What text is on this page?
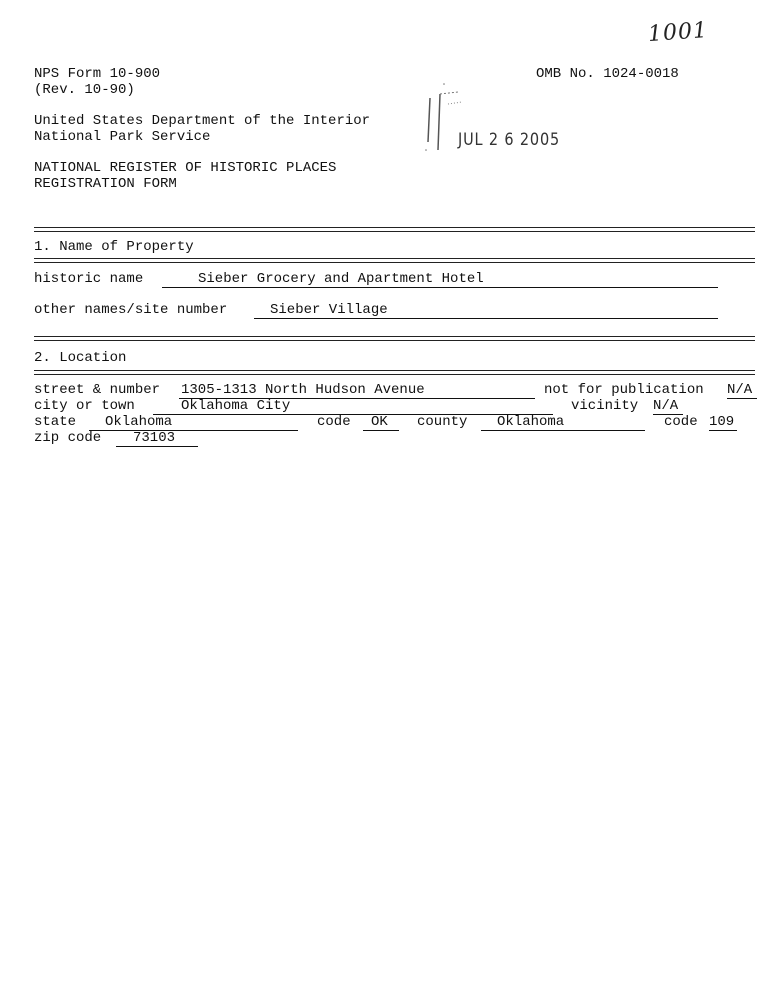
1001
NPS Form 10-900
(Rev. 10-90)
OMB No. 1024-0018
United States Department of the Interior
National Park Service
NATIONAL REGISTER OF HISTORIC PLACES
REGISTRATION FORM
JUL 2 6 2005
1. Name of Property
historic name	Sieber Grocery and Apartment Hotel
other names/site number	Sieber Village
2. Location
street & number 1305-1313 North Hudson Avenue	not for publication N/A
city or town	Oklahoma City	vicinity N/A
state	Oklahoma	code	OK	county	Oklahoma	code 109
zip code	73103
